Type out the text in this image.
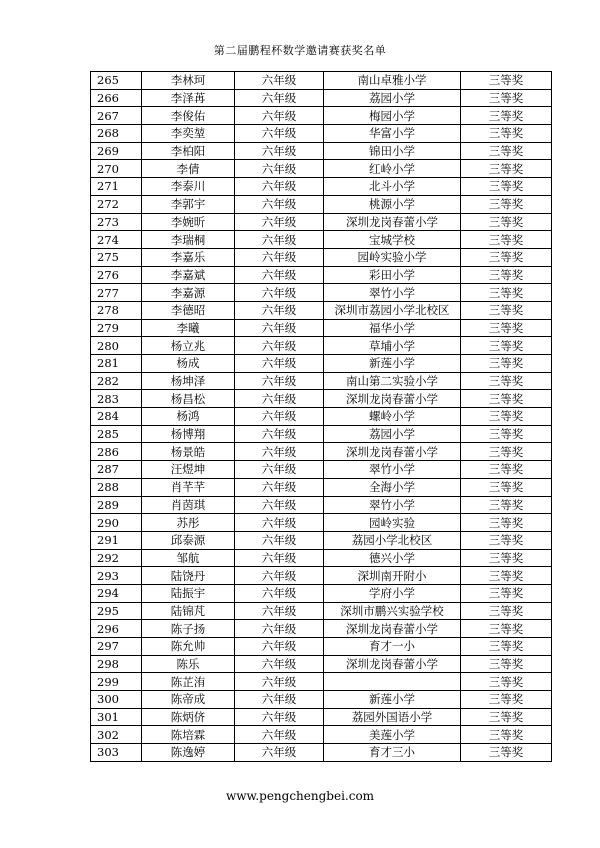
第二届鹏程杯数学邀请赛获奖名单
265	李林珂	六年级	南山卓雅小学	三等奖
266	李泽苒	六年级	荔园小学	三等奖
267	李俊佑	六年级	梅园小学	三等奖
268	李奕堃	六年级	华富小学	三等奖
269	李柏阳	六年级	锦田小学	三等奖
270	李倩	六年级	红岭小学	三等奖
271	李泰川	六年级	北斗小学	三等奖
272	李郭宇	六年级	桃源小学	三等奖
273	李婉昕	六年级	深圳龙岗春蕾小学	三等奖
274	李瑞桐	六年级	宝城学校	三等奖
275	李嘉乐	六年级	园岭实验小学	三等奖
276	李嘉斌	六年级	彩田小学	三等奖
277	李嘉源	六年级	翠竹小学	三等奖
278	李德昭	六年级	深圳市荔园小学北校区	三等奖
279	李曦	六年级	福华小学	三等奖
280	杨立兆	六年级	草埔小学	三等奖
281	杨成	六年级	新莲小学	三等奖
282	杨坤泽	六年级	南山第二实验小学	三等奖
283	杨昌松	六年级	深圳龙岗春蕾小学	三等奖
284	杨鸿	六年级	螺岭小学	三等奖
285	杨博翔	六年级	荔园小学	三等奖
286	杨景皓	六年级	深圳龙岗春蕾小学	三等奖
287	汪煜坤	六年级	翠竹小学	三等奖
288	肖芊芊	六年级	全海小学	三等奖
289	肖茵琪	六年级	翠竹小学	三等奖
290	苏彤	六年级	园岭实验	三等奖
291	邱泰源	六年级	荔园小学北校区	三等奖
292	邹航	六年级	德兴小学	三等奖
293	陆饶丹	六年级	深圳南开附小	三等奖
294	陆振宇	六年级	学府小学	三等奖
295	陆锦芃	六年级	深圳市鹏兴实验学校	三等奖
296	陈子扬	六年级	深圳龙岗春蕾小学	三等奖
297	陈允帅	六年级	育才一小	三等奖
298	陈乐	六年级	深圳龙岗春蕾小学	三等奖
299	陈芷洧	六年级		三等奖
300	陈帝成	六年级	新莲小学	三等奖
301	陈炳侪	六年级	荔园外国语小学	三等奖
302	陈培霖	六年级	美莲小学	三等奖
303	陈逸婷	六年级	育才三小	三等奖
www.pengchengbei.com
